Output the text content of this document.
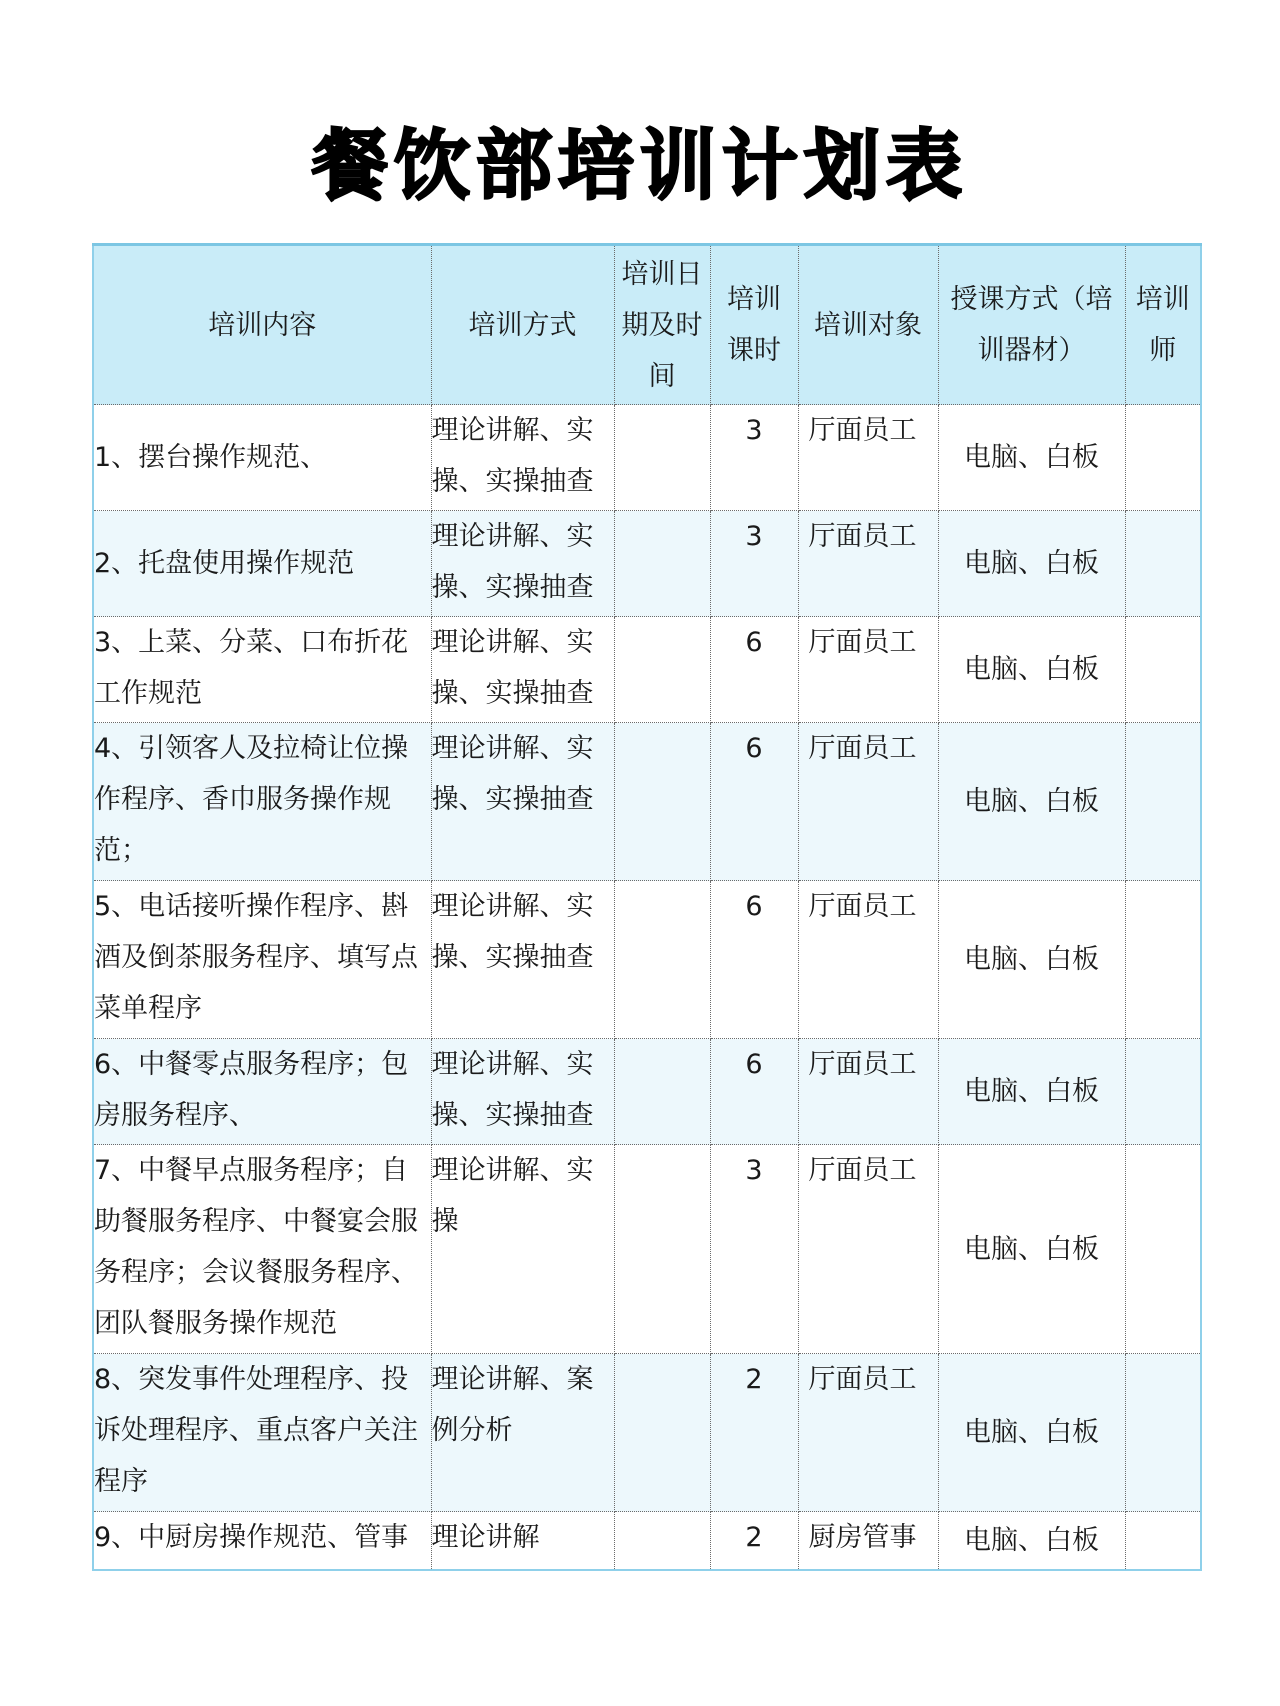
餐饮部培训计划表
培训内容	培训方式	培训日期及时间	培训课时	培训对象	授课方式（培训器材）	培训师
1、摆台操作规范、	理论讲解、实操、实操抽查		3	厅面员工	电脑、白板	
2、托盘使用操作规范	理论讲解、实操、实操抽查		3	厅面员工	电脑、白板	
3、上菜、分菜、口布折花工作规范	理论讲解、实操、实操抽查		6	厅面员工	电脑、白板	
4、引领客人及拉椅让位操作程序、香巾服务操作规范；	理论讲解、实操、实操抽查		6	厅面员工	电脑、白板	
5、电话接听操作程序、斟酒及倒茶服务程序、填写点菜单程序	理论讲解、实操、实操抽查		6	厅面员工	电脑、白板	
6、中餐零点服务程序；包房服务程序、	理论讲解、实操、实操抽查		6	厅面员工	电脑、白板	
7、中餐早点服务程序；自助餐服务程序、中餐宴会服务程序；会议餐服务程序、团队餐服务操作规范	理论讲解、实操		3	厅面员工	电脑、白板	
8、突发事件处理程序、投诉处理程序、重点客户关注程序	理论讲解、案例分析		2	厅面员工	电脑、白板	
9、中厨房操作规范、管事	理论讲解		2	厨房管事	电脑、白板	
